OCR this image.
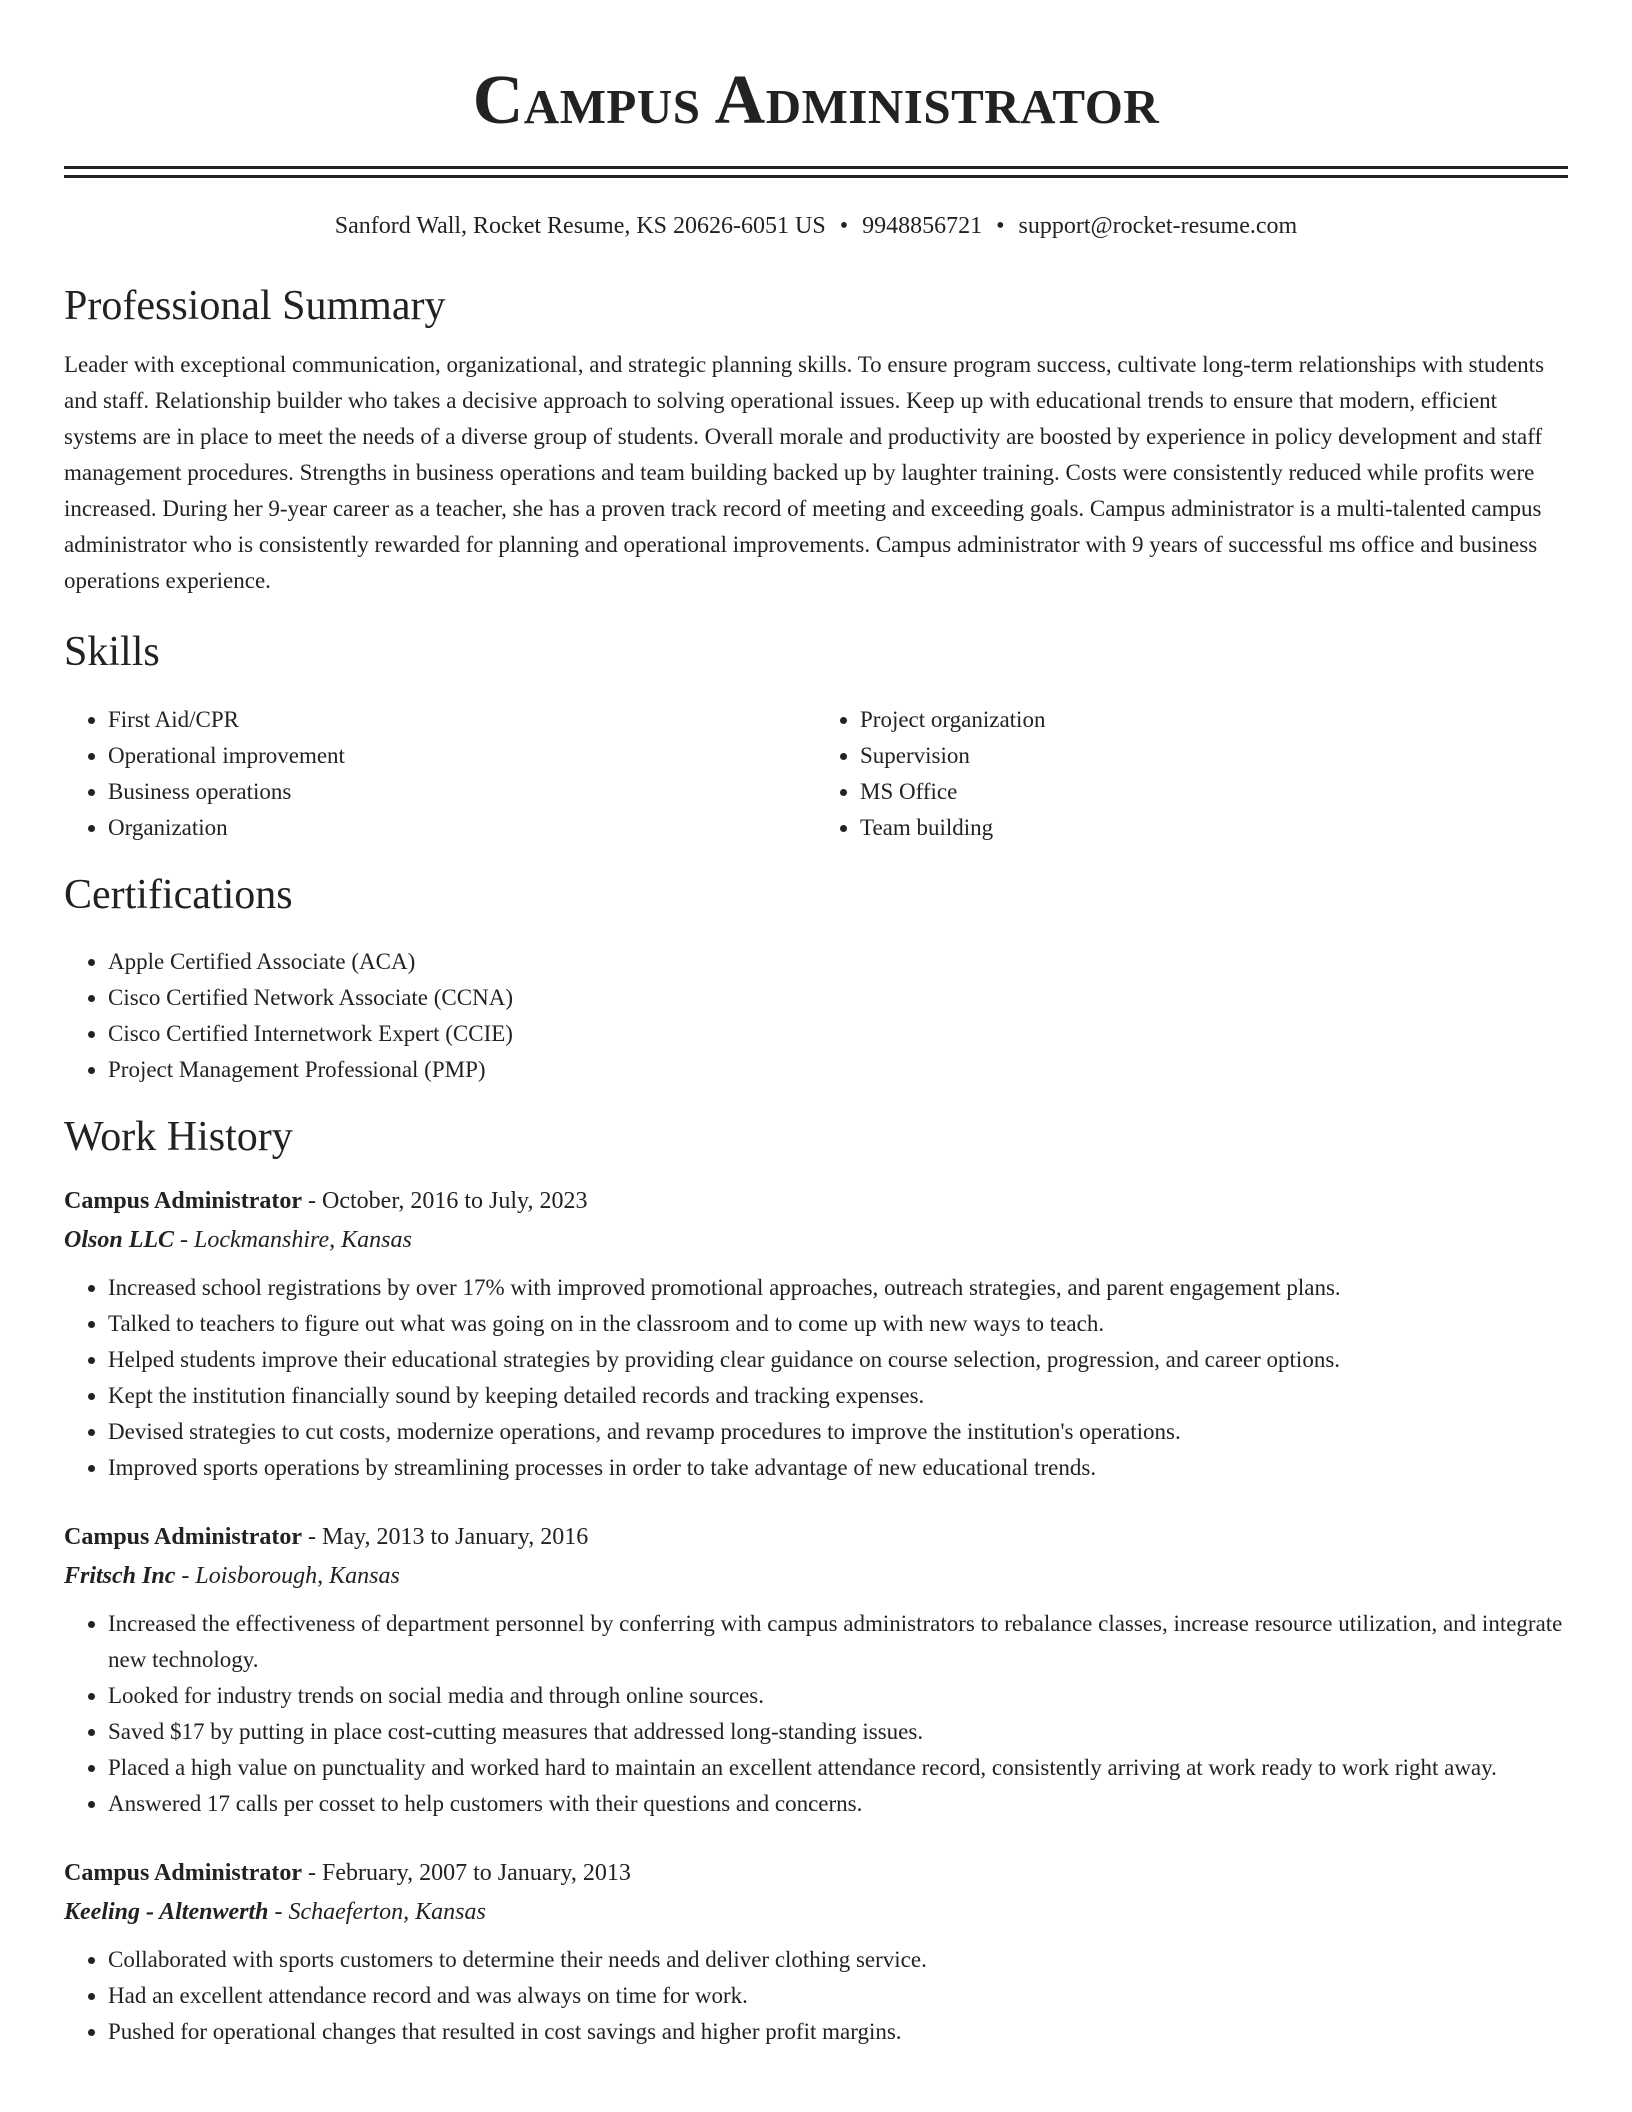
Campus Administrator
Sanford Wall, Rocket Resume, KS 20626-6051 US • 9948856721 • support@rocket-resume.com
Professional Summary

Leader with exceptional communication, organizational, and strategic planning skills. To ensure program success, cultivate long-term relationships with students and staff. Relationship builder who takes a decisive approach to solving operational issues. Keep up with educational trends to ensure that modern, efficient systems are in place to meet the needs of a diverse group of students. Overall morale and productivity are boosted by experience in policy development and staff management procedures. Strengths in business operations and team building backed up by laughter training. Costs were consistently reduced while profits were increased. During her 9-year career as a teacher, she has a proven track record of meeting and exceeding goals. Campus administrator is a multi-talented campus administrator who is consistently rewarded for planning and operational improvements. Campus administrator with 9 years of successful ms office and business operations experience.

Skills
• First Aid/CPR
• Operational improvement
• Business operations
• Organization
• Project organization
• Supervision
• MS Office
• Team building
Certifications
• Apple Certified Associate (ACA)
• Cisco Certified Network Associate (CCNA)
• Cisco Certified Internetwork Expert (CCIE)
• Project Management Professional (PMP)
Work History
Campus Administrator - October, 2016 to July, 2023
Olson LLC - Lockmanshire, Kansas
• Increased school registrations by over 17% with improved promotional approaches, outreach strategies, and parent engagement plans.
• Talked to teachers to figure out what was going on in the classroom and to come up with new ways to teach.
• Helped students improve their educational strategies by providing clear guidance on course selection, progression, and career options.
• Kept the institution financially sound by keeping detailed records and tracking expenses.
• Devised strategies to cut costs, modernize operations, and revamp procedures to improve the institution's operations.
• Improved sports operations by streamlining processes in order to take advantage of new educational trends.
Campus Administrator - May, 2013 to January, 2016
Fritsch Inc - Loisborough, Kansas
• Increased the effectiveness of department personnel by conferring with campus administrators to rebalance classes, increase resource utilization, and integrate new technology.
• Looked for industry trends on social media and through online sources.
• Saved $17 by putting in place cost-cutting measures that addressed long-standing issues.
• Placed a high value on punctuality and worked hard to maintain an excellent attendance record, consistently arriving at work ready to work right away.
• Answered 17 calls per cosset to help customers with their questions and concerns.
Campus Administrator - February, 2007 to January, 2013
Keeling - Altenwerth - Schaeferton, Kansas
• Collaborated with sports customers to determine their needs and deliver clothing service.
• Had an excellent attendance record and was always on time for work.
• Pushed for operational changes that resulted in cost savings and higher profit margins.
